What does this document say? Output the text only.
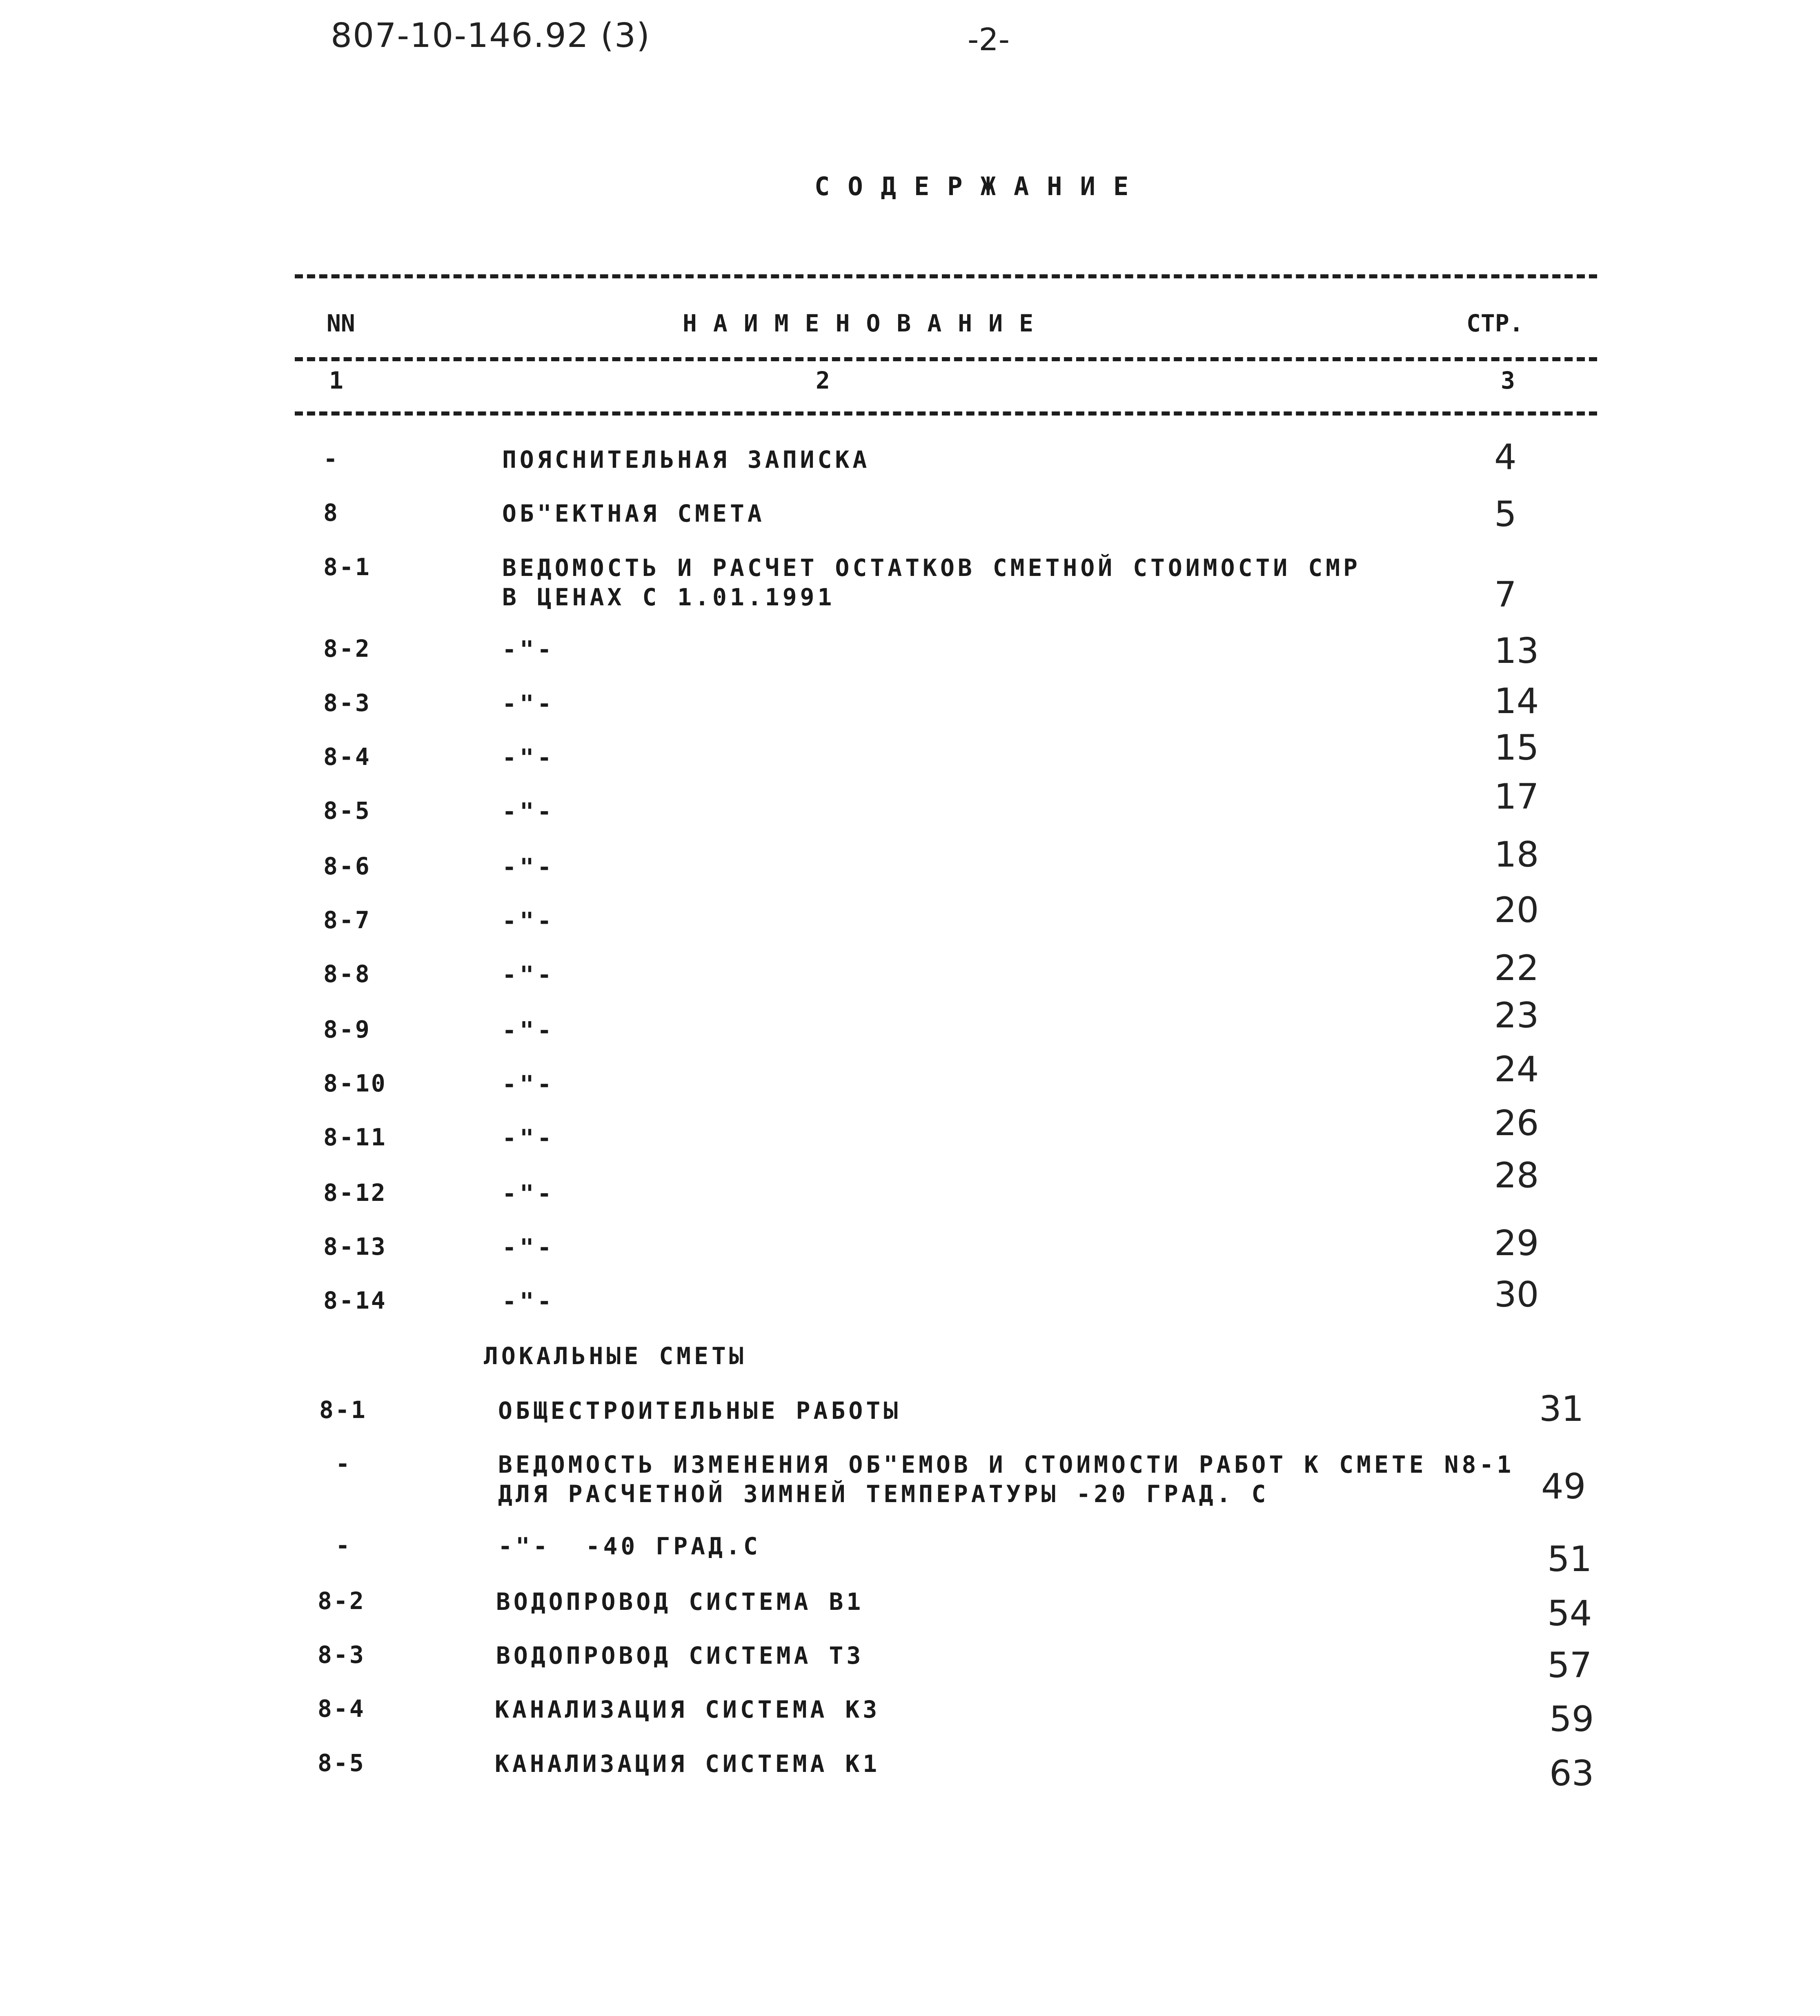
807-10-146.92 (3)	-2-
СОДЕРЖАНИЕ
NN	НАИМЕНОВАНИЕ	СТР.
1	2	3
-	ПОЯСНИТЕЛЬНАЯ ЗАПИСКА	4
8	ОБ"ЕКТНАЯ СМЕТА	5
8-1	ВЕДОМОСТЬ И РАСЧЕТ ОСТАТКОВ СМЕТНОЙ СТОИМОСТИ СМР
В ЦЕНАХ С 1.01.1991	7
8-2	-"-	13
8-3	-"-	14
8-4	-"-	15
8-5	-"-	17
8-6	-"-	18
8-7	-"-	20
8-8	-"-	22
8-9	-"-	23
8-10	-"-	24
8-11	-"-	26
8-12	-"-	28
8-13	-"-	29
8-14	-"-	30
ЛОКАЛЬНЫЕ СМЕТЫ
8-1	ОБЩЕСТРОИТЕЛЬНЫЕ РАБОТЫ	31
-	ВЕДОМОСТЬ ИЗМЕНЕНИЯ ОБ"ЕМОВ И СТОИМОСТИ РАБОТ К СМЕТЕ N8-1
ДЛЯ РАСЧЕТНОЙ ЗИМНЕЙ ТЕМПЕРАТУРЫ -20 ГРАД. С	49
-	-"-  -40 ГРАД.С	51
8-2	ВОДОПРОВОД СИСТЕМА В1	54
8-3	ВОДОПРОВОД СИСТЕМА Т3	57
8-4	КАНАЛИЗАЦИЯ СИСТЕМА К3	59
8-5	КАНАЛИЗАЦИЯ СИСТЕМА К1	63
